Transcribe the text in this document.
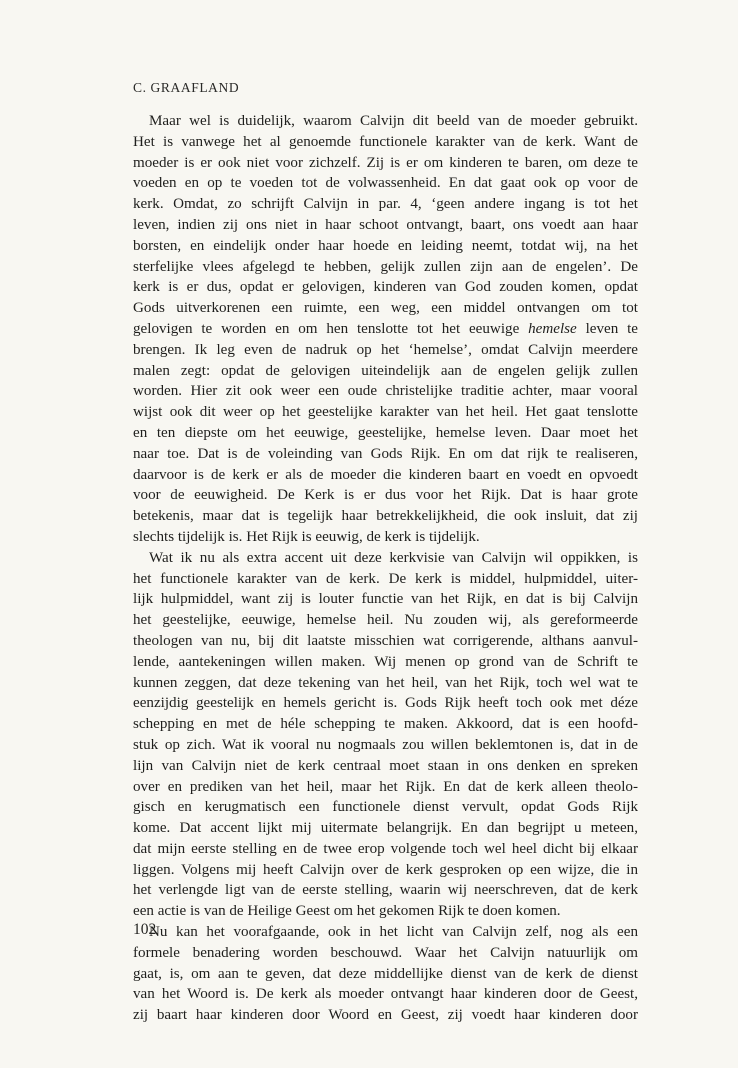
C. GRAAFLAND

Maar wel is duidelijk, waarom Calvijn dit beeld van de moeder gebruikt.
Het is vanwege het al genoemde functionele karakter van de kerk. Want de
moeder is er ook niet voor zichzelf. Zij is er om kinderen te baren, om deze te
voeden en op te voeden tot de volwassenheid. En dat gaat ook op voor de
kerk. Omdat, zo schrijft Calvijn in par. 4, ‘geen andere ingang is tot het
leven, indien zij ons niet in haar schoot ontvangt, baart, ons voedt aan haar
borsten, en eindelijk onder haar hoede en leiding neemt, totdat wij, na het
sterfelijke vlees afgelegd te hebben, gelijk zullen zijn aan de engelen’. De
kerk is er dus, opdat er gelovigen, kinderen van God zouden komen, opdat
Gods uitverkorenen een ruimte, een weg, een middel ontvangen om tot
gelovigen te worden en om hen tenslotte tot het eeuwige hemelse leven te
brengen. Ik leg even de nadruk op het ‘hemelse’, omdat Calvijn meerdere
malen zegt: opdat de gelovigen uiteindelijk aan de engelen gelijk zullen
worden. Hier zit ook weer een oude christelijke traditie achter, maar vooral
wijst ook dit weer op het geestelijke karakter van het heil. Het gaat tenslotte
en ten diepste om het eeuwige, geestelijke, hemelse leven. Daar moet het
naar toe. Dat is de voleinding van Gods Rijk. En om dat rijk te realiseren,
daarvoor is de kerk er als de moeder die kinderen baart en voedt en opvoedt
voor de eeuwigheid. De Kerk is er dus voor het Rijk. Dat is haar grote
betekenis, maar dat is tegelijk haar betrekkelijkheid, die ook insluit, dat zij
slechts tijdelijk is. Het Rijk is eeuwig, de kerk is tijdelijk.

Wat ik nu als extra accent uit deze kerkvisie van Calvijn wil oppikken, is
het functionele karakter van de kerk. De kerk is middel, hulpmiddel, uiter-
lijk hulpmiddel, want zij is louter functie van het Rijk, en dat is bij Calvijn
het geestelijke, eeuwige, hemelse heil. Nu zouden wij, als gereformeerde
theologen van nu, bij dit laatste misschien wat corrigerende, althans aanvul-
lende, aantekeningen willen maken. Wij menen op grond van de Schrift te
kunnen zeggen, dat deze tekening van het heil, van het Rijk, toch wel wat te
eenzijdig geestelijk en hemels gericht is. Gods Rijk heeft toch ook met déze
schepping en met de héle schepping te maken. Akkoord, dat is een hoofd-
stuk op zich. Wat ik vooral nu nogmaals zou willen beklemtonen is, dat in de
lijn van Calvijn niet de kerk centraal moet staan in ons denken en spreken
over en prediken van het heil, maar het Rijk. En dat de kerk alleen theolo-
gisch en kerugmatisch een functionele dienst vervult, opdat Gods Rijk
kome. Dat accent lijkt mij uitermate belangrijk. En dan begrijpt u meteen,
dat mijn eerste stelling en de twee erop volgende toch wel heel dicht bij elkaar
liggen. Volgens mij heeft Calvijn over de kerk gesproken op een wijze, die in
het verlengde ligt van de eerste stelling, waarin wij neerschreven, dat de kerk
een actie is van de Heilige Geest om het gekomen Rijk te doen komen.

Nu kan het voorafgaande, ook in het licht van Calvijn zelf, nog als een
formele benadering worden beschouwd. Waar het Calvijn natuurlijk om
gaat, is, om aan te geven, dat deze middellijke dienst van de kerk de dienst
van het Woord is. De kerk als moeder ontvangt haar kinderen door de Geest,
zij baart haar kinderen door Woord en Geest, zij voedt haar kinderen door

102
